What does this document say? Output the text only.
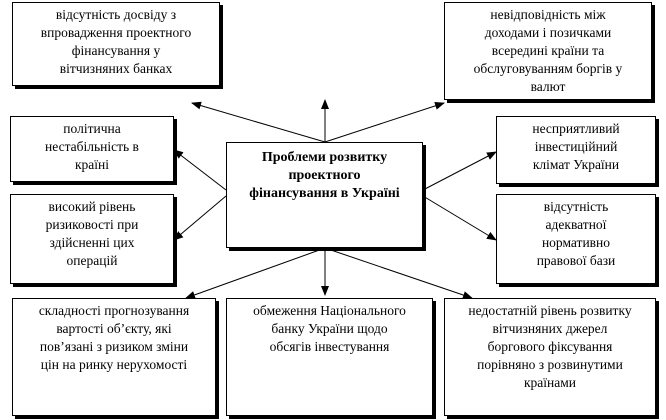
відсутність досвіду з
впровадження проектного
фінансування у
вітчизняних банках
невідповідність між
доходами і позичками
всередині країни та
обслуговуванням боргів у
валют
політична
нестабільність в
країні
високий рівень
ризиковості при
здійсненні цих
операцій
Проблеми розвитку
проектного
фінансування в Україні
несприятливий
інвестиційний
клімат України
відсутність
адекватної
нормативно
правової бази
складності прогнозування
вартості об’єкту, які
пов’язані з ризиком зміни
цін на ринку нерухомості
обмеження Національного
банку України щодо
обсягів інвестування
недостатній рівень розвитку
вітчизняних джерел
боргового фіксування
порівняно з розвинутими
країнами
